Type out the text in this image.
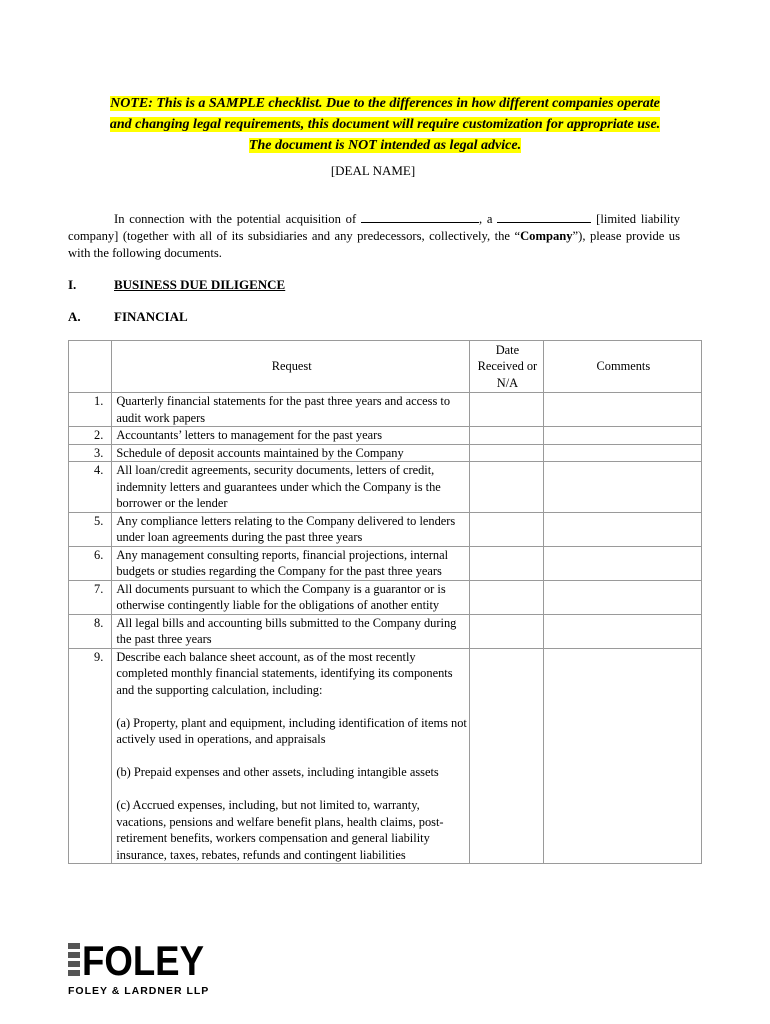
NOTE: This is a SAMPLE checklist. Due to the differences in how different companies operate
and changing legal requirements, this document will require customization for appropriate use.
The document is NOT intended as legal advice.
[DEAL NAME]
In connection with the potential acquisition of	, a	[limited liability company] (together with all of its subsidiaries and any predecessors, collectively, the “Company”), please provide us with the following documents.
I.	BUSINESS DUE DILIGENCE
A.	FINANCIAL
	Request	Date Received or N/A	Comments
1.	Quarterly financial statements for the past three years and access to audit work papers		

2.	Accountants’ letters to management for the past years		

3.	Schedule of deposit accounts maintained by the Company		

4.	All loan/credit agreements, security documents, letters of credit, indemnity letters and guarantees under which the Company is the borrower or the lender		

5.	Any compliance letters relating to the Company delivered to lenders under loan agreements during the past three years		

6.	Any management consulting reports, financial projections, internal budgets or studies regarding the Company for the past three years		

7.	All documents pursuant to which the Company is a guarantor or is otherwise contingently liable for the obligations of another entity		

8.	All legal bills and accounting bills submitted to the Company during the past three years		

9.	Describe each balance sheet account, as of the most recently completed monthly financial statements, identifying its components and the supporting calculation, including:
(a) Property, plant and equipment, including identification of items not actively used in operations, and appraisals
(b) Prepaid expenses and other assets, including intangible assets
(c) Accrued expenses, including, but not limited to, warranty, vacations, pensions and welfare benefit plans, health claims, post-retirement benefits, workers compensation and general liability insurance, taxes, rebates, refunds and contingent liabilities		

FOLEY
FOLEY & LARDNER LLP
